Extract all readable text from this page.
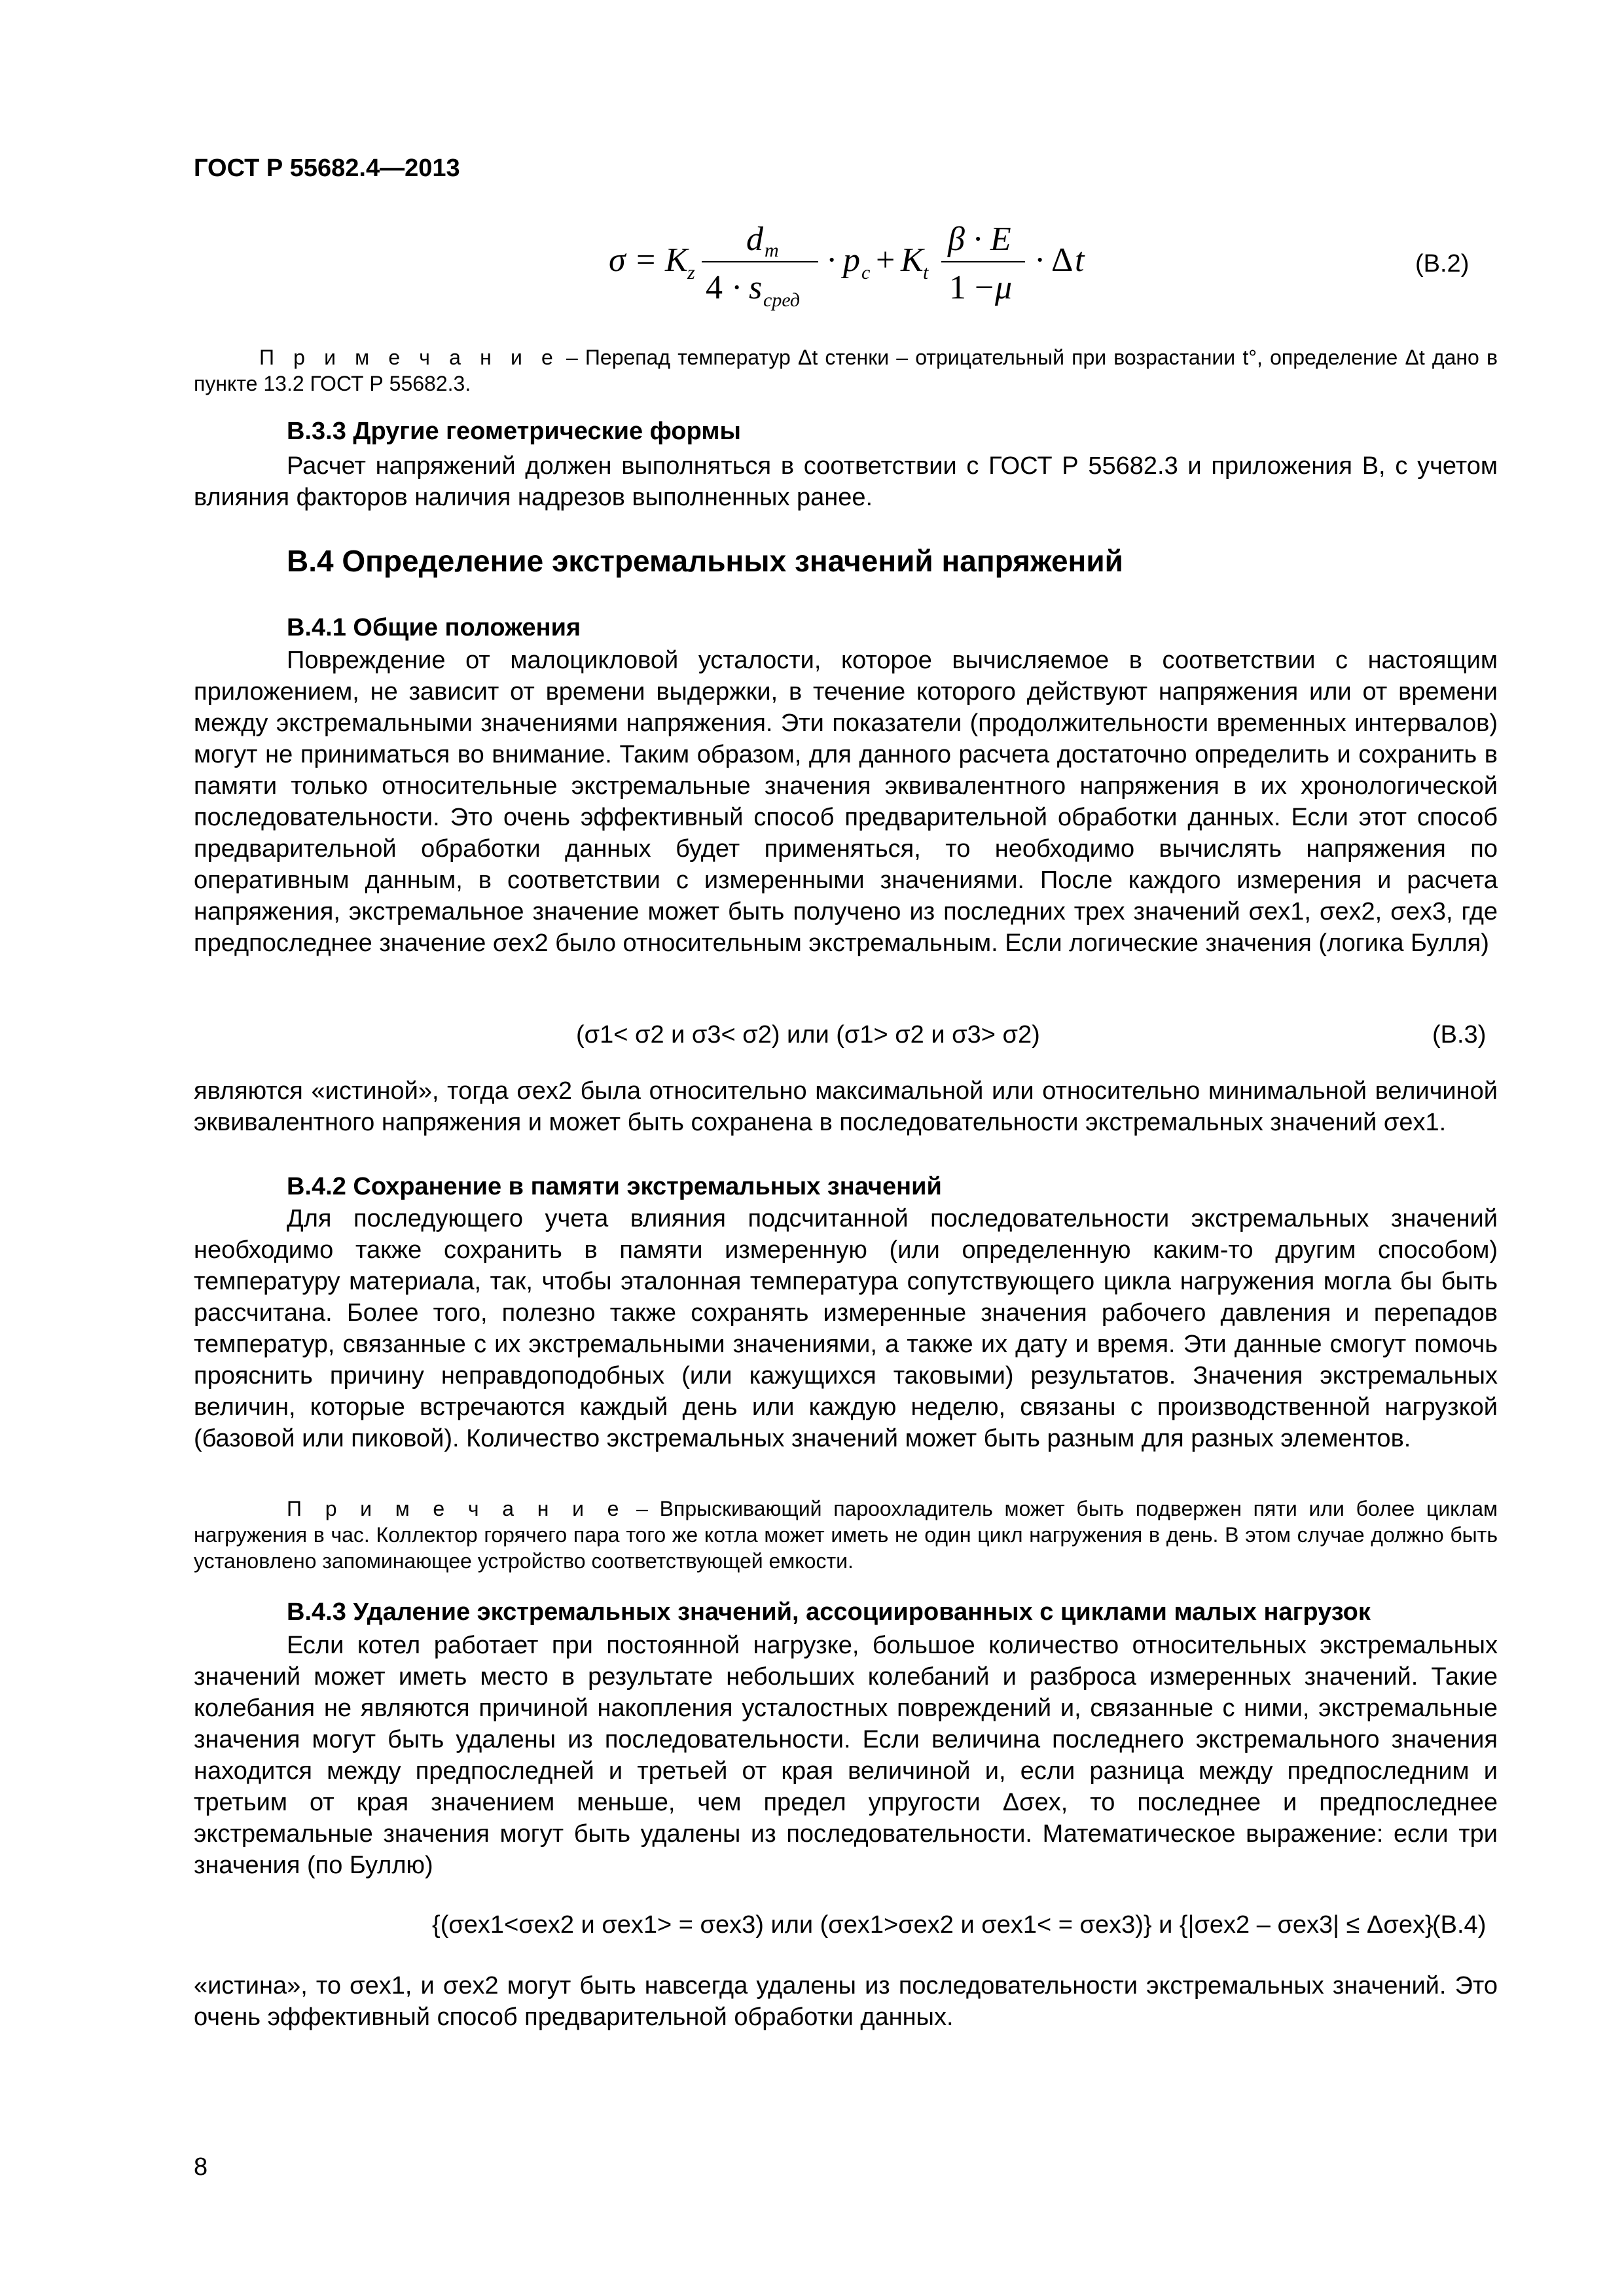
ГОСТ Р 55682.4—2013
σ = K z
d m
4 · s сред
· p c + K t
β · E
1 − μ
· Δ t	(В.2)
П р и м е ч а н и е – Перепад температур Δt стенки – отрицательный при возрастании t°, определение Δt дано в пункте 13.2 ГОСТ Р 55682.3.
В.3.3 Другие геометрические формы
Расчет напряжений должен выполняться в соответствии с ГОСТ Р 55682.3 и приложения В, с учетом влияния факторов наличия надрезов выполненных ранее.
В.4 Определение экстремальных значений напряжений
В.4.1 Общие положения
Повреждение от малоцикловой усталости, которое вычисляемое в соответствии с настоящим приложением, не зависит от времени выдержки, в течение которого действуют напряжения или от времени между экстремальными значениями напряжения. Эти показатели (продолжительности временных интервалов) могут не приниматься во внимание. Таким образом, для данного расчета достаточно определить и сохранить в памяти только относительные экстремальные значения эквивалентного напряжения в их хронологической последовательности. Это очень эффективный способ предварительной обработки данных. Если этот способ предварительной обработки данных будет применяться, то необходимо вычислять напряжения по оперативным данным, в соответствии с измеренными значениями. После каждого измерения и расчета напряжения, экстремальное значение может быть получено из последних трех значений σex1, σex2, σex3, где предпоследнее значение σex2 было относительным экстремальным. Если логические значения (логика Булля)
(σ1< σ2 и σ3< σ2) или (σ1> σ2 и σ3> σ2)	(В.3)
являются «истиной», тогда σex2 была относительно максимальной или относительно минимальной величиной эквивалентного напряжения и может быть сохранена в последовательности экстремальных значений σex1.
В.4.2 Сохранение в памяти экстремальных значений
Для последующего учета влияния подсчитанной последовательности экстремальных значений необходимо также сохранить в памяти измеренную (или определенную каким-то другим способом) температуру материала, так, чтобы эталонная температура сопутствующего цикла нагружения могла бы быть рассчитана. Более того, полезно также сохранять измеренные значения рабочего давления и перепадов температур, связанные с их экстремальными значениями, а также их дату и время. Эти данные смогут помочь прояснить причину неправдоподобных (или кажущихся таковыми) результатов. Значения экстремальных величин, которые встречаются каждый день или каждую неделю, связаны с производственной нагрузкой (базовой или пиковой). Количество экстремальных значений может быть разным для разных элементов.
П р и м е ч а н и е – Впрыскивающий пароохладитель может быть подвержен пяти или более циклам нагружения в час. Коллектор горячего пара того же котла может иметь не один цикл нагружения в день. В этом случае должно быть установлено запоминающее устройство соответствующей емкости.
В.4.3 Удаление экстремальных значений, ассоциированных с циклами малых нагрузок
Если котел работает при постоянной нагрузке, большое количество относительных экстремальных значений может иметь место в результате небольших колебаний и разброса измеренных значений. Такие колебания не являются причиной накопления усталостных повреждений и, связанные с ними, экстремальные значения могут быть удалены из последовательности. Если величина последнего экстремального значения находится между предпоследней и третьей от края величиной и, если разница между предпоследним и третьим от края значением меньше, чем предел упругости Δσex, то последнее и предпоследнее экстремальные значения могут быть удалены из последовательности. Математическое выражение: если три значения (по Буллю)
{(σex1<σex2 и σex1> = σex3) или (σex1>σex2 и σex1< = σex3)} и {|σex2 – σex3| ≤ Δσex}
(В.4)
«истина», то σex1, и σex2 могут быть навсегда удалены из последовательности экстремальных значений. Это очень эффективный способ предварительной обработки данных.
8
